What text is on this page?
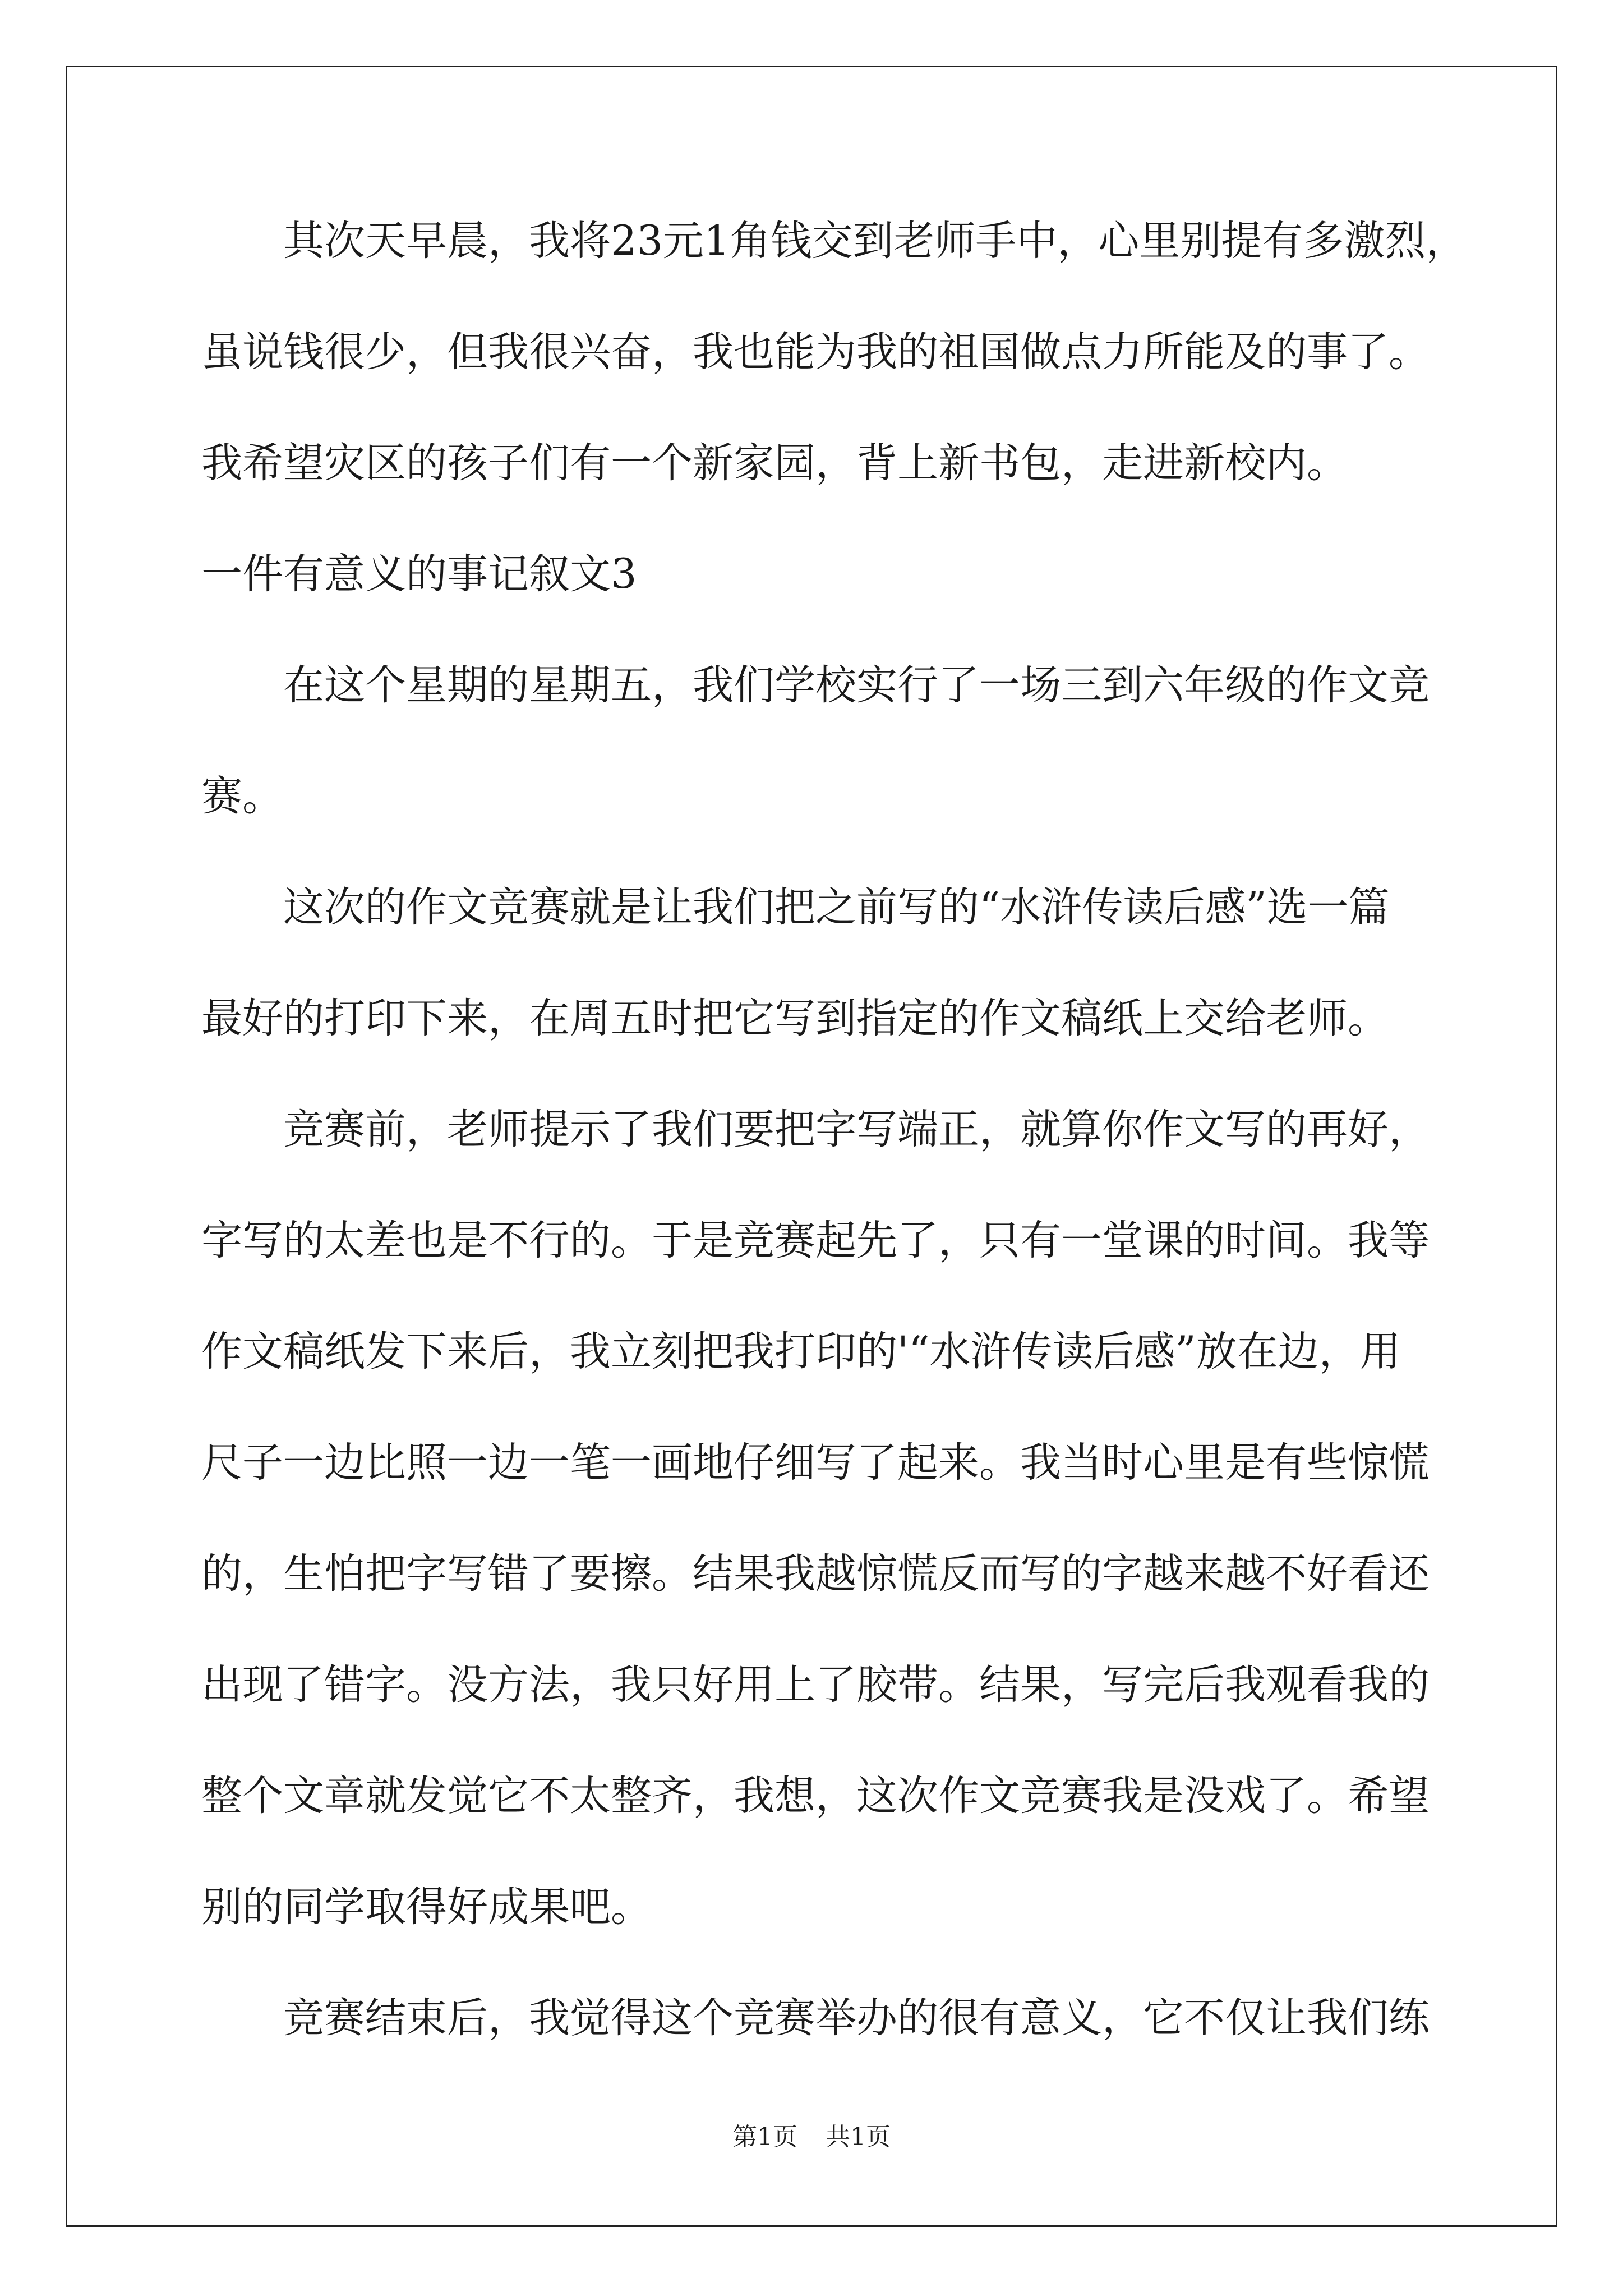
其次天早晨，我将23元1角钱交到老师手中，心里别提有多激烈，
虽说钱很少，但我很兴奋，我也能为我的祖国做点力所能及的事了。
我希望灾区的孩子们有一个新家园，背上新书包，走进新校内。
一件有意义的事记叙文3
在这个星期的星期五，我们学校实行了一场三到六年级的作文竞
赛。
这次的作文竞赛就是让我们把之前写的“水浒传读后感”选一篇
最好的打印下来，在周五时把它写到指定的作文稿纸上交给老师。
竞赛前，老师提示了我们要把字写端正，就算你作文写的再好，
字写的太差也是不行的。于是竞赛起先了，只有一堂课的时间。我等
作文稿纸发下来后，我立刻把我打印的'“水浒传读后感”放在边，用
尺子一边比照一边一笔一画地仔细写了起来。我当时心里是有些惊慌
的，生怕把字写错了要擦。结果我越惊慌反而写的字越来越不好看还
出现了错字。没方法，我只好用上了胶带。结果，写完后我观看我的
整个文章就发觉它不太整齐，我想，这次作文竞赛我是没戏了。希望
别的同学取得好成果吧。
竞赛结束后，我觉得这个竞赛举办的很有意义，它不仅让我们练
第1页 共1页
